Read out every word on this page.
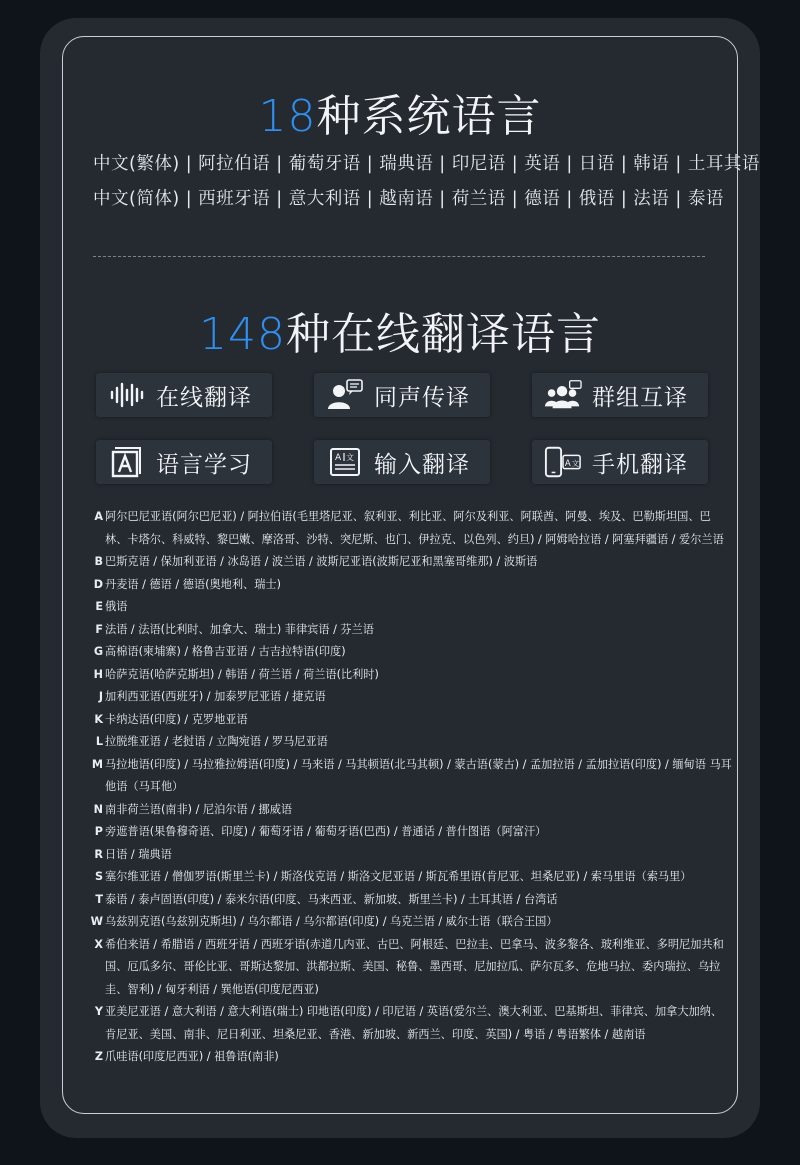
18种系统语言
中文(繁体) | 阿拉伯语 | 葡萄牙语 | 瑞典语 | 印尼语 | 英语 | 日语 | 韩语 | 土耳其语
中文(简体) | 西班牙语 | 意大利语 | 越南语 | 荷兰语 | 德语 | 俄语 | 法语 | 泰语
148种在线翻译语言
在线翻译	同声传译	群组互译
语言学习	A 文 输入翻译	A 文 手机翻译
A 阿尔巴尼亚语(阿尔巴尼亚) / 阿拉伯语(毛里塔尼亚、叙利亚、利比亚、阿尔及利亚、阿联酋、阿曼、埃及、巴勒斯坦国、巴林、卡塔尔、科威特、黎巴嫩、摩洛哥、沙特、突尼斯、也门、伊拉克、以色列、约旦) / 阿姆哈拉语 / 阿塞拜疆语 / 爱尔兰语
B 巴斯克语 / 保加利亚语 / 冰岛语 / 波兰语 / 波斯尼亚语(波斯尼亚和黑塞哥维那) / 波斯语
D 丹麦语 / 德语 / 德语(奥地利、瑞士)
E 俄语
F 法语 / 法语(比利时、加拿大、瑞士) 菲律宾语 / 芬兰语
G 高棉语(柬埔寨) / 格鲁吉亚语 / 古吉拉特语(印度)
H 哈萨克语(哈萨克斯坦) / 韩语 / 荷兰语 / 荷兰语(比利时)
J 加利西亚语(西班牙) / 加泰罗尼亚语 / 捷克语
K 卡纳达语(印度) / 克罗地亚语
L 拉脱维亚语 / 老挝语 / 立陶宛语 / 罗马尼亚语
M 马拉地语(印度) / 马拉雅拉姆语(印度) / 马来语 / 马其顿语(北马其顿) / 蒙古语(蒙古) / 孟加拉语 / 孟加拉语(印度) / 缅甸语 马耳他语（马耳他）
N 南非荷兰语(南非) / 尼泊尔语 / 挪威语
P 旁遮普语(果鲁穆奇语、印度) / 葡萄牙语 / 葡萄牙语(巴西) / 普通话 / 普什图语（阿富汗）
R 日语 / 瑞典语
S 塞尔维亚语 / 僧伽罗语(斯里兰卡) / 斯洛伐克语 / 斯洛文尼亚语 / 斯瓦希里语(肯尼亚、坦桑尼亚) / 索马里语（索马里）
T 泰语 / 泰卢固语(印度) / 泰米尔语(印度、马来西亚、新加坡、斯里兰卡) / 土耳其语 / 台湾话
W 乌兹别克语(乌兹别克斯坦) / 乌尔都语 / 乌尔都语(印度) / 乌克兰语 / 威尔士语（联合王国）
X 希伯来语 / 希腊语 / 西班牙语 / 西班牙语(赤道几内亚、古巴、阿根廷、巴拉圭、巴拿马、波多黎各、玻利维亚、多明尼加共和国、厄瓜多尔、哥伦比亚、哥斯达黎加、洪都拉斯、美国、秘鲁、墨西哥、尼加拉瓜、萨尔瓦多、危地马拉、委内瑞拉、乌拉圭、智利) / 匈牙利语 / 巽他语(印度尼西亚)
Y 亚美尼亚语 / 意大利语 / 意大利语(瑞士) 印地语(印度) / 印尼语 / 英语(爱尔兰、澳大利亚、巴基斯坦、菲律宾、加拿大加纳、肯尼亚、美国、南非、尼日利亚、坦桑尼亚、香港、新加坡、新西兰、印度、英国) / 粤语 / 粤语繁体 / 越南语
Z 爪哇语(印度尼西亚) / 祖鲁语(南非)
